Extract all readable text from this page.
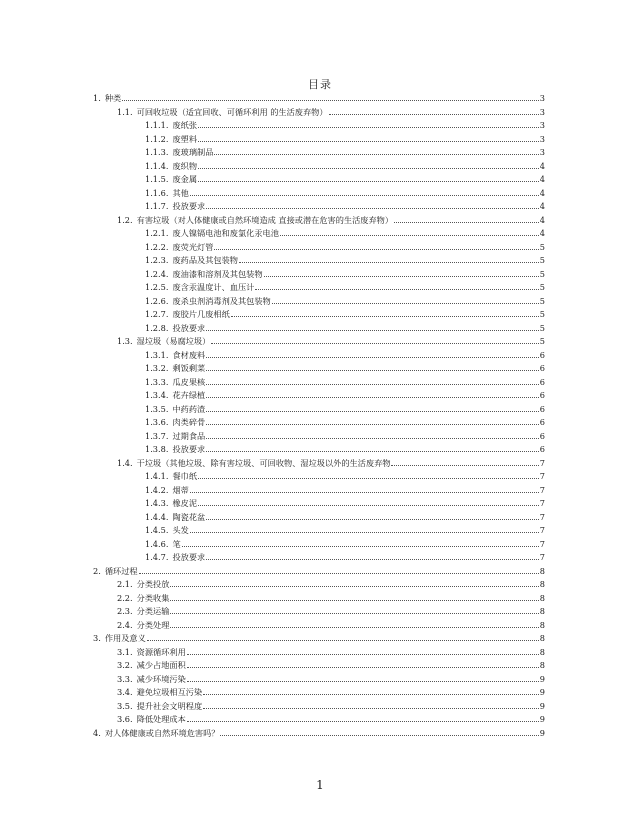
目录
1. 种类	3
1.1. 可回收垃圾（适宜回收、可循环利用 的生活废弃物）	3
1.1.1. 废纸张	3
1.1.2. 废塑料	3
1.1.3. 废玻璃制品	3
1.1.4. 废织物	4
1.1.5. 废金属	4
1.1.6. 其他	4
1.1.7. 投放要求	4
1.2. 有害垃圾（对人体健康或自然环境造成 直接或潜在危害的生活废弃物）	4
1.2.1. 废人镍镉电池和废氯化汞电池	4
1.2.2. 废荧光灯管	5
1.2.3. 废药品及其包装物	5
1.2.4. 废油漆和溶剂及其包装物	5
1.2.5. 废含汞温度计、血压计	5
1.2.6. 废杀虫剂消毒剂及其包装物	5
1.2.7. 废胶片几废相纸	5
1.2.8. 投放要求	5
1.3. 湿垃圾（易腐垃圾）	5
1.3.1. 食材废料	6
1.3.2. 剩饭剩菜	6
1.3.3. 瓜皮果核	6
1.3.4. 花卉绿植	6
1.3.5. 中药药渣	6
1.3.6. 肉类碎骨	6
1.3.7. 过期食品	6
1.3.8. 投放要求	6
1.4. 干垃圾（其他垃圾、除有害垃圾、可回收物、湿垃圾以外的生活废弃物	7
1.4.1. 餐巾纸	7
1.4.2. 烟蒂	7
1.4.3. 橡皮泥	7
1.4.4. 陶瓷花盆	7
1.4.5. 头发	7
1.4.6. 笔	7
1.4.7. 投放要求	7
2. 循环过程	8
2.1. 分类投放	8
2.2. 分类收集	8
2.3. 分类运输	8
2.4. 分类处理	8
3. 作用及意义	8
3.1. 资源循环利用	8
3.2. 减少占地面积	8
3.3. 减少环境污染	9
3.4. 避免垃圾相互污染	9
3.5. 提升社会文明程度	9
3.6. 降低处理成本	9
4. 对人体健康或自然环境危害吗？	9
1
